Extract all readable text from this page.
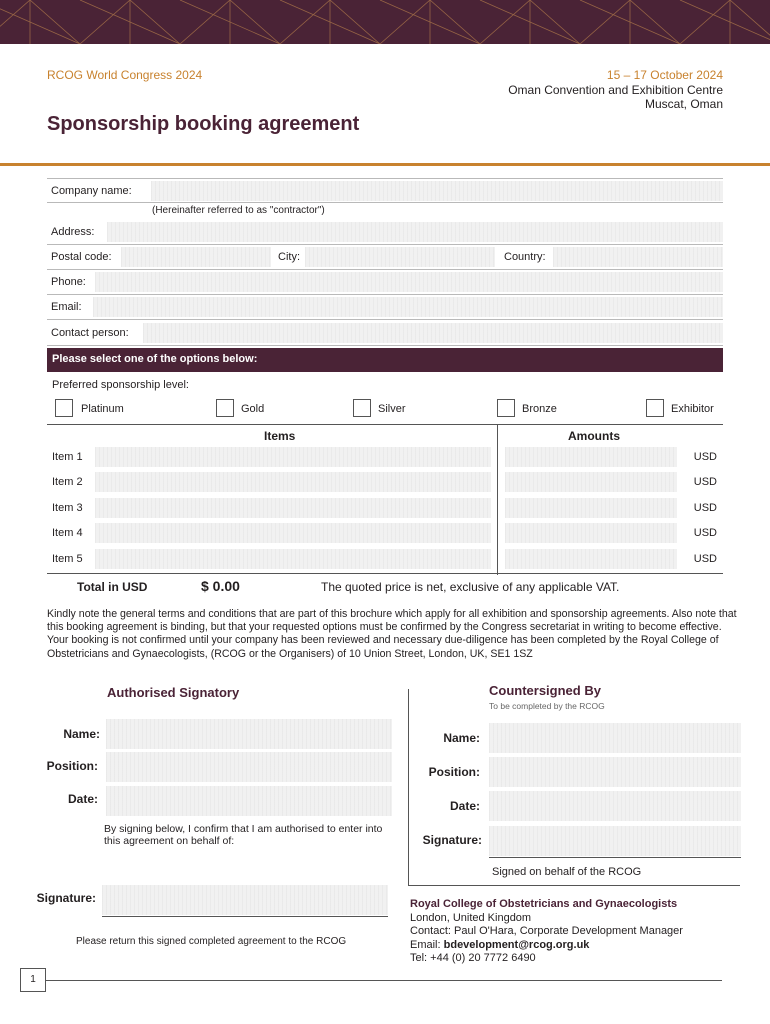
RCOG World Congress 2024	15 – 17 October 2024
Oman Convention and Exhibition Centre
Muscat, Oman
Sponsorship booking agreement
Company name:
(Hereinafter referred to as "contractor")
Address:
Postal code:	City:	Country:
Phone:
Email:
Contact person:
Please select one of the options below:
Preferred sponsorship level:
Platinum	Gold	Silver	Bronze	Exhibitor
Items	Amounts
Item 1	USD
Item 2	USD
Item 3	USD
Item 4	USD
Item 5	USD
Total in USD	$ 0.00	The quoted price is net, exclusive of any applicable VAT.
Kindly note the general terms and conditions that are part of this brochure which apply for all exhibition and sponsorship agreements. Also note that this booking agreement is binding, but that your requested options must be confirmed by the Congress secretariat in writing to become effective. Your booking is not confirmed until your company has been reviewed and necessary due-diligence has been completed by the Royal College of Obstetricians and Gynaecologists, (RCOG or the Organisers) of 10 Union Street, London, UK, SE1 1SZ
Authorised Signatory
Name:
Position:
Date:
By signing below, I confirm that I am authorised to enter into this agreement on behalf of:
Signature:
Please return this signed completed agreement to the RCOG
Countersigned By
To be completed by the RCOG
Name:
Position:
Date:
Signature:
Signed on behalf of the RCOG
Royal College of Obstetricians and Gynaecologists
London, United Kingdom
Contact: Paul O'Hara, Corporate Development Manager
Email: bdevelopment@rcog.org.uk
Tel: +44 (0) 20 7772 6490
1
